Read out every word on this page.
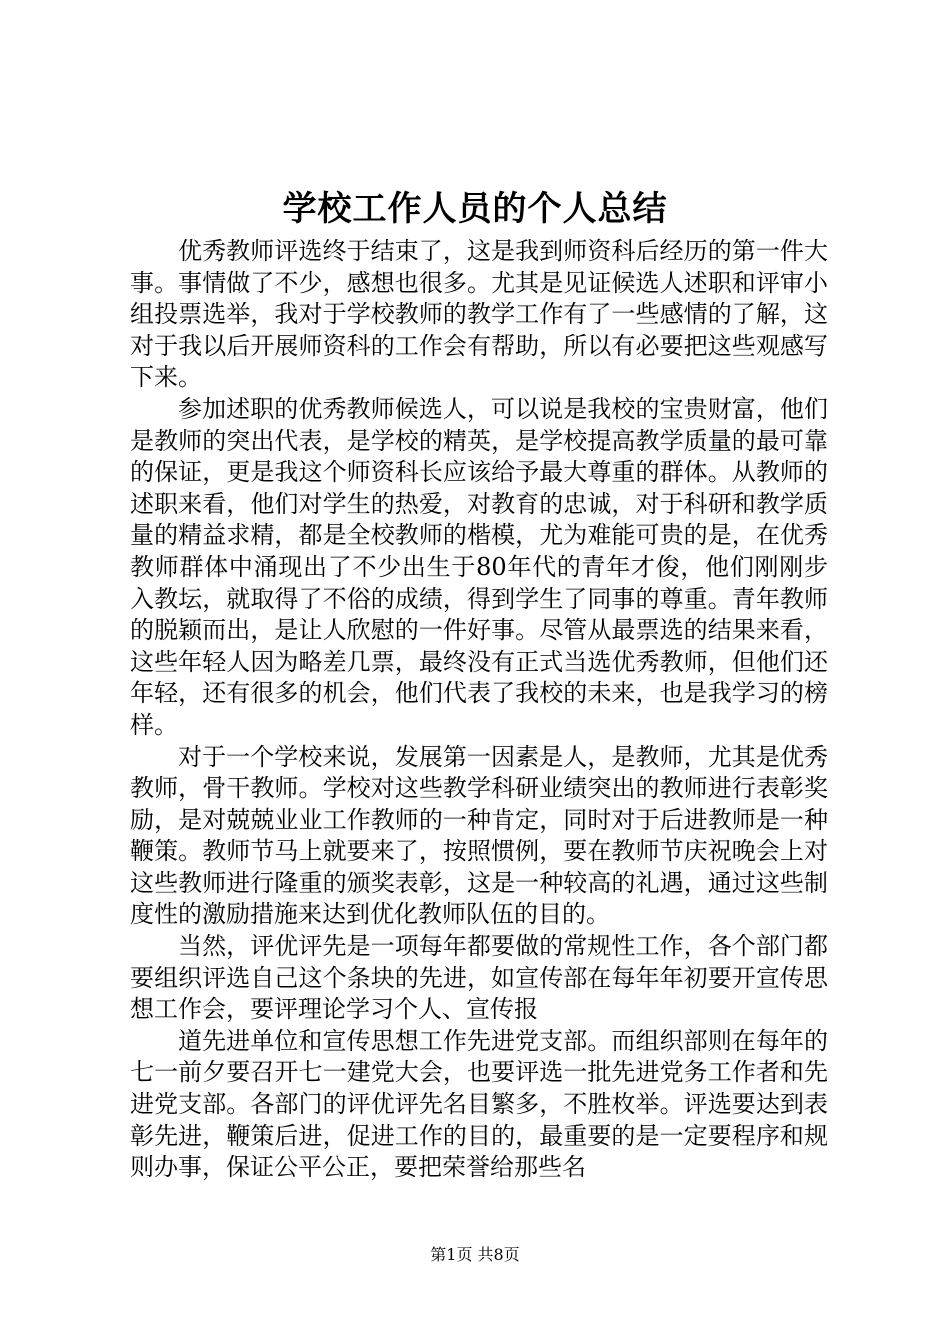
学校工作人员的个人总结

优秀教师评选终于结束了，这是我到师资科后经历的第一件大事。事情做了不少，感想也很多。尤其是见证候选人述职和评审小组投票选举，我对于学校教师的教学工作有了一些感情的了解，这对于我以后开展师资科的工作会有帮助，所以有必要把这些观感写下来。

参加述职的优秀教师候选人，可以说是我校的宝贵财富，他们是教师的突出代表，是学校的精英，是学校提高教学质量的最可靠的保证，更是我这个师资科长应该给予最大尊重的群体。从教师的述职来看，他们对学生的热爱，对教育的忠诚，对于科研和教学质量的精益求精，都是全校教师的楷模，尤为难能可贵的是，在优秀教师群体中涌现出了不少出生于80年代的青年才俊，他们刚刚步入教坛，就取得了不俗的成绩，得到学生了同事的尊重。青年教师的脱颖而出，是让人欣慰的一件好事。尽管从最票选的结果来看，这些年轻人因为略差几票，最终没有正式当选优秀教师，但他们还年轻，还有很多的机会，他们代表了我校的未来，也是我学习的榜样。

对于一个学校来说，发展第一因素是人，是教师，尤其是优秀教师，骨干教师。学校对这些教学科研业绩突出的教师进行表彰奖励，是对兢兢业业工作教师的一种肯定，同时对于后进教师是一种鞭策。教师节马上就要来了，按照惯例，要在教师节庆祝晚会上对这些教师进行隆重的颁奖表彰，这是一种较高的礼遇，通过这些制度性的激励措施来达到优化教师队伍的目的。

当然，评优评先是一项每年都要做的常规性工作，各个部门都要组织评选自己这个条块的先进，如宣传部在每年年初要开宣传思想工作会，要评理论学习个人、宣传报

道先进单位和宣传思想工作先进党支部。而组织部则在每年的七一前夕要召开七一建党大会，也要评选一批先进党务工作者和先进党支部。各部门的评优评先名目繁多，不胜枚举。评选要达到表彰先进，鞭策后进，促进工作的目的，最重要的是一定要程序和规则办事，保证公平公正，要把荣誉给那些名

第1页 共8页
